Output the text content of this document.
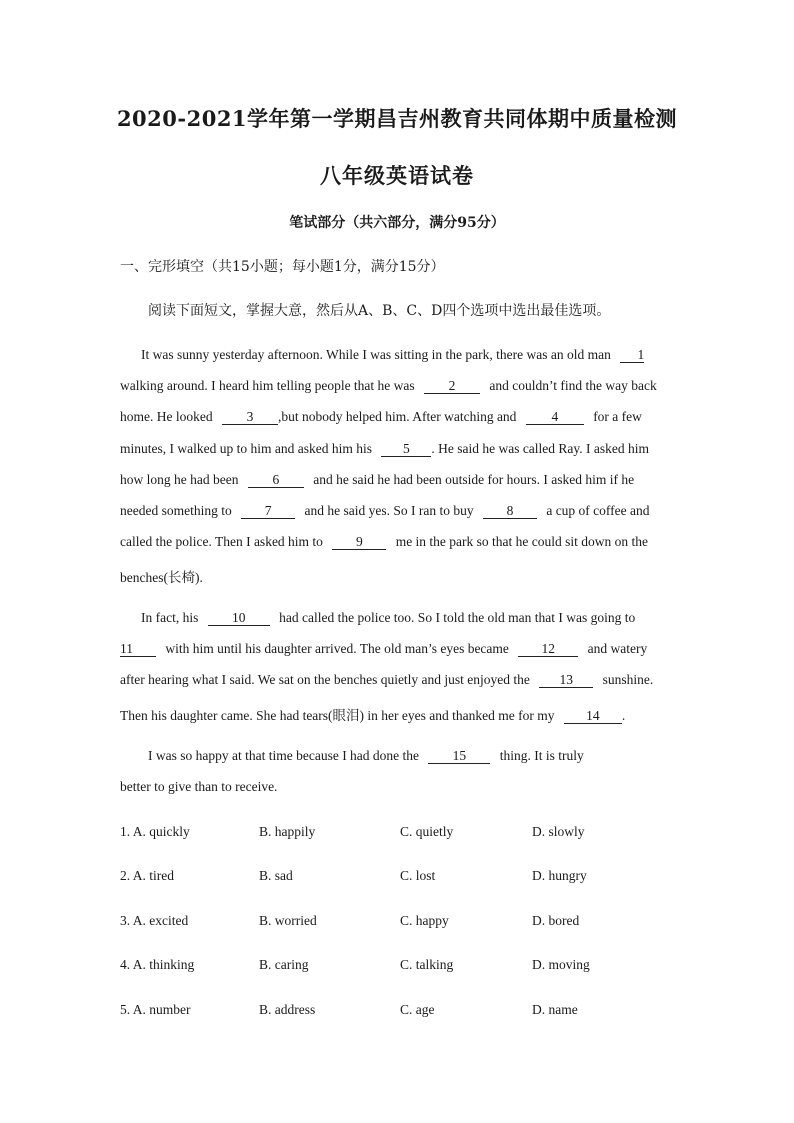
2020-2021学年第一学期昌吉州教育共同体期中质量检测
八年级英语试卷
笔试部分（共六部分，满分95分）
一、完形填空（共15小题；每小题1分，满分15分）
阅读下面短文，掌握大意，然后从A、B、C、D四个选项中选出最佳选项。
It was sunny yesterday afternoon. While I was sitting in the park, there was an old man 1
walking around. I heard him telling people that he was	2	and couldn’t find the way back
home. He looked	3 ,but nobody helped him. After watching and	4	for a few
minutes, I walked up to him and asked him his 5 . He said he was called Ray. I asked him
how long he had been	6	and he said he had been outside for hours. I asked him if he
needed something to 7 and he said yes. So I ran to buy 8 a cup of coffee and
called the police. Then I asked him to 9 me in the park so that he could sit down on the
benches(长椅).
In fact, his 10 had called the police too. So I told the old man that I was going to
11 with him until his daughter arrived. The old man’s eyes became 12 and watery
after hearing what I said. We sat on the benches quietly and just enjoyed the 13 sunshine.
Then his daughter came. She had tears(眼泪) in her eyes and thanked me for my 14 .
I was so happy at that time because I had done the 15 thing. It is truly
better to give than to receive.
1. A. quickly	B. happily	C. quietly	D. slowly
2. A. tired	B. sad	C. lost	D. hungry
3. A. excited	B. worried	C. happy	D. bored
4. A. thinking	B. caring	C. talking	D. moving
5. A. number	B. address	C. age	D. name
